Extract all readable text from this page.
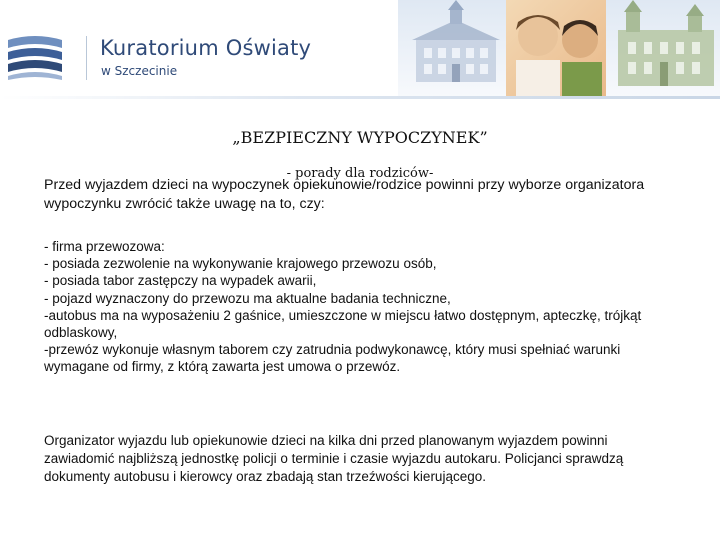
Kuratorium Oświaty
w Szczecinie
„BEZPIECZNY WYPOCZYNEK”
- porady dla rodziców-
Przed wyjazdem dzieci na wypoczynek opiekunowie/rodzice powinni przy wyborze organizatora wypoczynku zwrócić także uwagę na to, czy:
- firma przewozowa:
- posiada zezwolenie na wykonywanie krajowego przewozu osób,
- posiada tabor zastępczy na wypadek awarii,
- pojazd wyznaczony do przewozu ma aktualne badania techniczne,
-autobus ma na wyposażeniu 2 gaśnice, umieszczone w miejscu łatwo dostępnym, apteczkę, trójkąt odblaskowy,
-przewóz wykonuje własnym taborem czy zatrudnia podwykonawcę, który musi spełniać warunki wymagane od firmy, z którą zawarta jest umowa o przewóz.
Organizator wyjazdu lub opiekunowie dzieci na kilka dni przed planowanym wyjazdem powinni zawiadomić najbliższą jednostkę policji o terminie i czasie wyjazdu autokaru. Policjanci sprawdzą dokumenty autobusu i kierowcy oraz zbadają stan trzeźwości kierującego.
